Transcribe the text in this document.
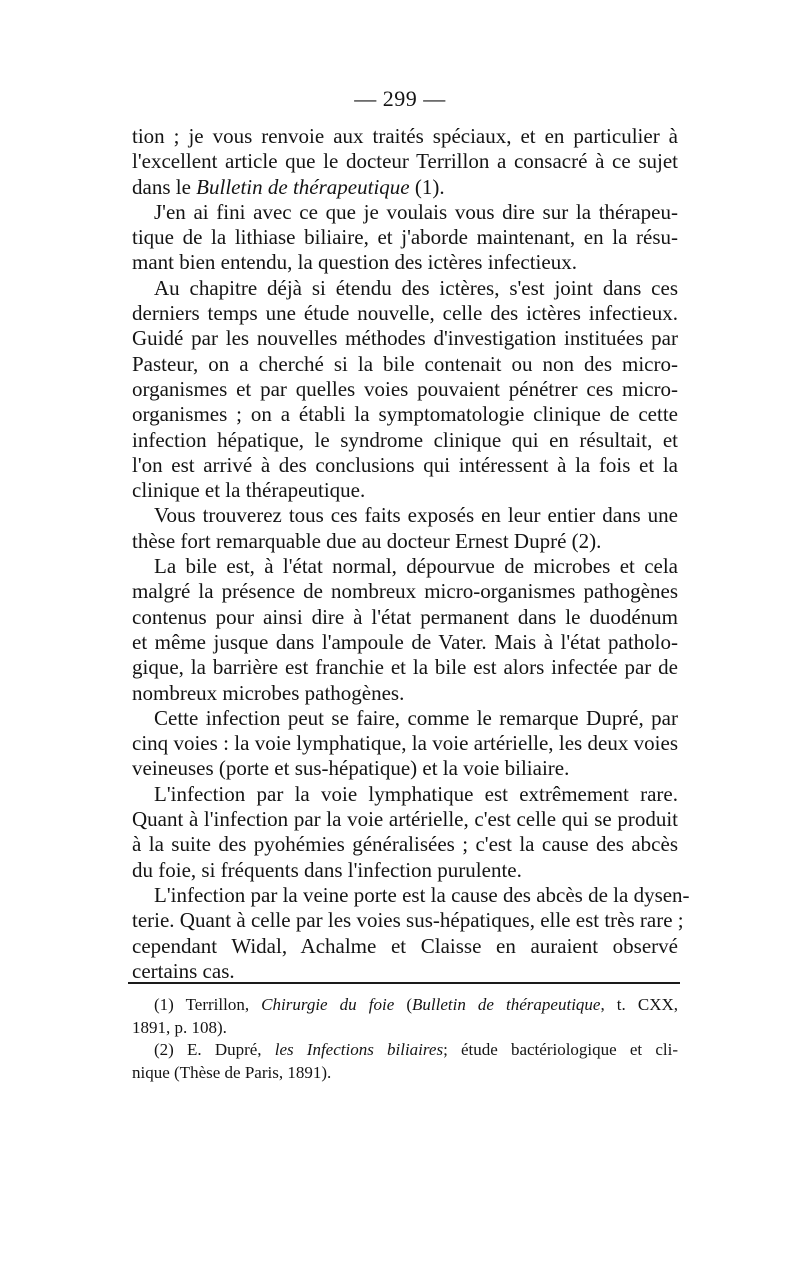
— 299 —
tion ; je vous renvoie aux traités spéciaux, et en particulier à
l'excellent article que le docteur Terrillon a consacré à ce sujet
dans le Bulletin de thérapeutique (1).
J'en ai fini avec ce que je voulais vous dire sur la thérapeu-
tique de la lithiase biliaire, et j'aborde maintenant, en la résu-
mant bien entendu, la question des ictères infectieux.
Au chapitre déjà si étendu des ictères, s'est joint dans ces
derniers temps une étude nouvelle, celle des ictères infectieux.
Guidé par les nouvelles méthodes d'investigation instituées par
Pasteur, on a cherché si la bile contenait ou non des micro-
organismes et par quelles voies pouvaient pénétrer ces micro-
organismes ; on a établi la symptomatologie clinique de cette
infection hépatique, le syndrome clinique qui en résultait, et
l'on est arrivé à des conclusions qui intéressent à la fois et la
clinique et la thérapeutique.
Vous trouverez tous ces faits exposés en leur entier dans une
thèse fort remarquable due au docteur Ernest Dupré (2).
La bile est, à l'état normal, dépourvue de microbes et cela
malgré la présence de nombreux micro-organismes pathogènes
contenus pour ainsi dire à l'état permanent dans le duodénum
et même jusque dans l'ampoule de Vater. Mais à l'état patholo-
gique, la barrière est franchie et la bile est alors infectée par de
nombreux microbes pathogènes.
Cette infection peut se faire, comme le remarque Dupré, par
cinq voies : la voie lymphatique, la voie artérielle, les deux voies
veineuses (porte et sus-hépatique) et la voie biliaire.
L'infection par la voie lymphatique est extrêmement rare.
Quant à l'infection par la voie artérielle, c'est celle qui se produit
à la suite des pyohémies généralisées ; c'est la cause des abcès
du foie, si fréquents dans l'infection purulente.
L'infection par la veine porte est la cause des abcès de la dysen-
terie. Quant à celle par les voies sus-hépatiques, elle est très rare ;
cependant Widal, Achalme et Claisse en auraient observé
certains cas.
(1) Terrillon, Chirurgie du foie (Bulletin de thérapeutique, t. CXX,
1891, p. 108).
(2) E. Dupré, les Infections biliaires; étude bactériologique et cli-
nique (Thèse de Paris, 1891).
